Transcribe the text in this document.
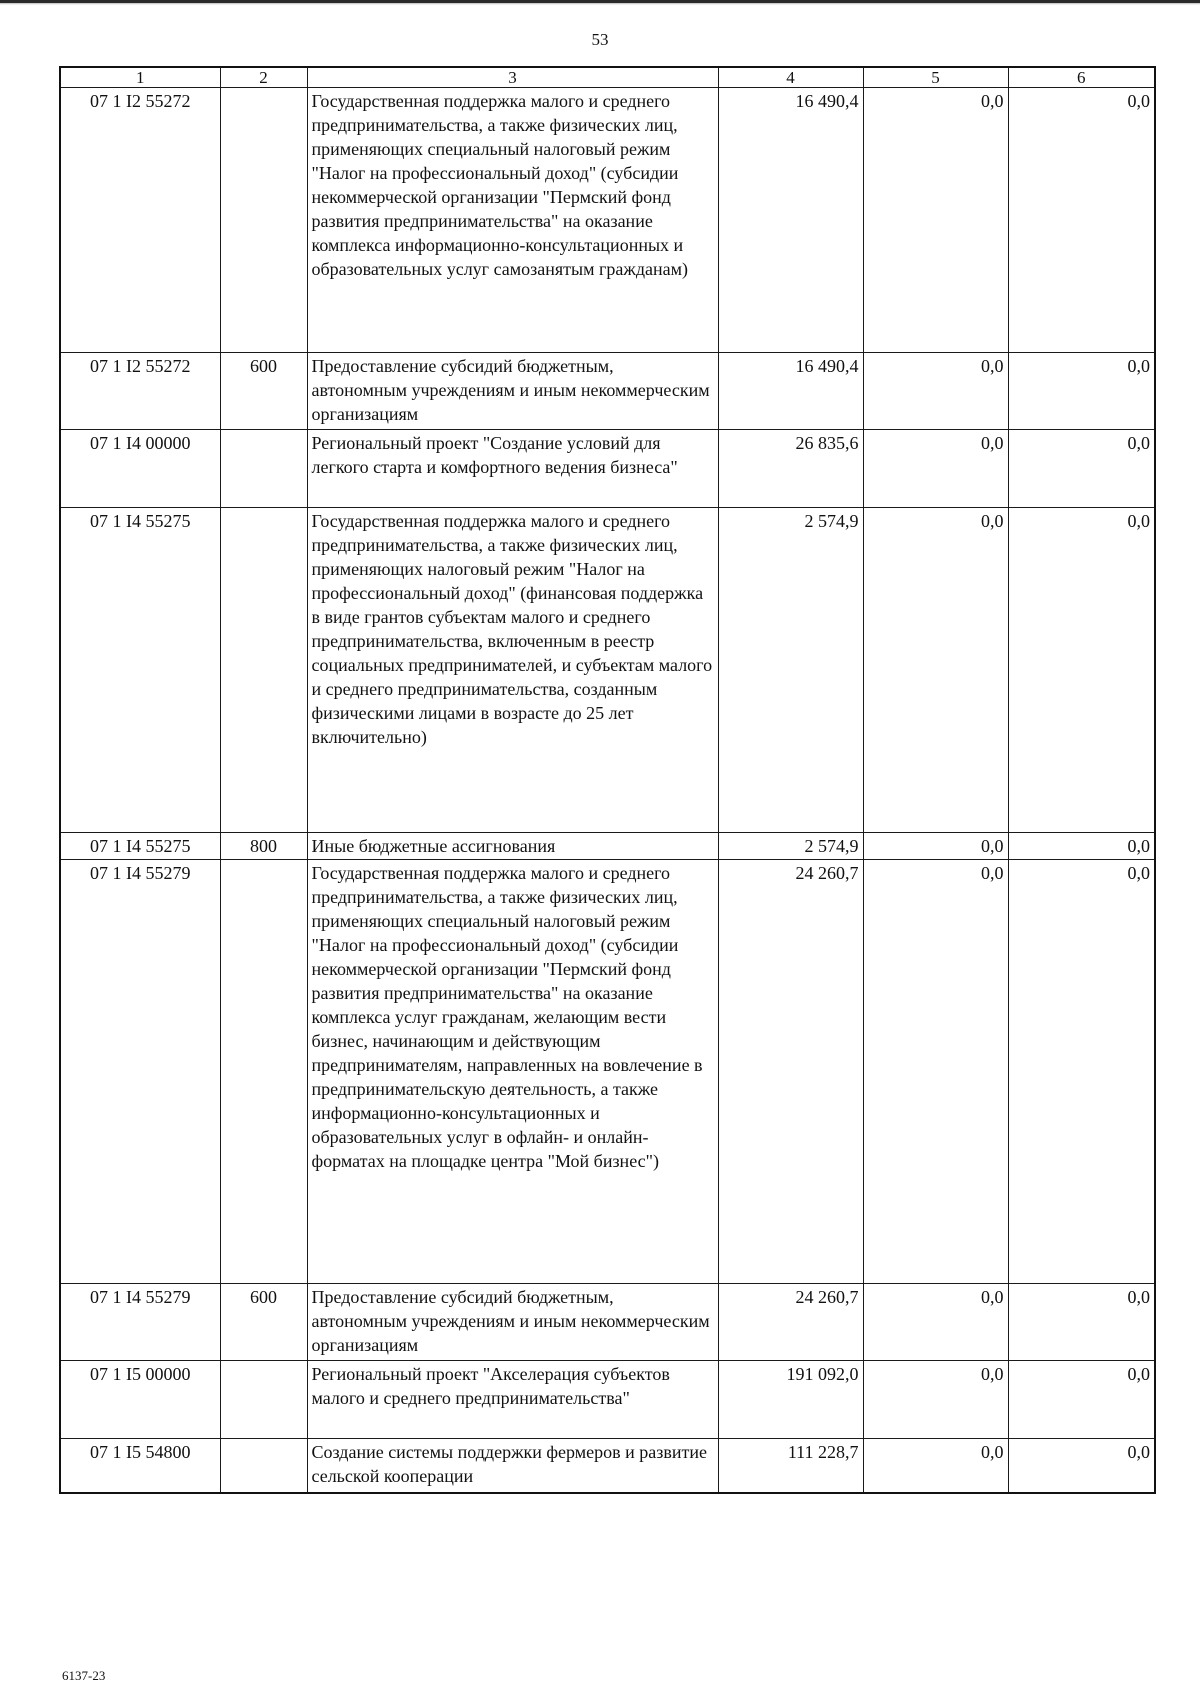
53
1	2	3	4	5	6
07 1 I2 55272		Государственная поддержка малого и среднего предпринимательства, а также физических лиц, применяющих специальный налоговый режим "Налог на профессиональный доход" (субсидии некоммерческой организации "Пермский фонд развития предпринимательства" на оказание комплекса информационно-консультационных и образовательных услуг самозанятым гражданам)	16 490,4	0,0	0,0
07 1 I2 55272	600	Предоставление субсидий бюджетным, автономным учреждениям и иным некоммерческим организациям	16 490,4	0,0	0,0
07 1 I4 00000		Региональный проект "Создание условий для легкого старта и комфортного ведения бизнеса"	26 835,6	0,0	0,0
07 1 I4 55275		Государственная поддержка малого и среднего предпринимательства, а также физических лиц, применяющих налоговый режим "Налог на профессиональный доход" (финансовая поддержка в виде грантов субъектам малого и среднего предпринимательства, включенным в реестр социальных предпринимателей, и субъектам малого и среднего предпринимательства, созданным физическими лицами в возрасте до 25 лет включительно)	2 574,9	0,0	0,0
07 1 I4 55275	800	Иные бюджетные ассигнования	2 574,9	0,0	0,0
07 1 I4 55279		Государственная поддержка малого и среднего предпринимательства, а также физических лиц, применяющих специальный налоговый режим "Налог на профессиональный доход" (субсидии некоммерческой организации "Пермский фонд развития предпринимательства" на оказание комплекса услуг гражданам, желающим вести бизнес, начинающим и действующим предпринимателям, направленных на вовлечение в предпринимательскую деятельность, а также информационно-консультационных и образовательных услуг в офлайн- и онлайн-форматах на площадке центра "Мой бизнес")	24 260,7	0,0	0,0
07 1 I4 55279	600	Предоставление субсидий бюджетным, автономным учреждениям и иным некоммерческим организациям	24 260,7	0,0	0,0
07 1 I5 00000		Региональный проект "Акселерация субъектов малого и среднего предпринимательства"	191 092,0	0,0	0,0
07 1 I5 54800		Создание системы поддержки фермеров и развитие сельской кооперации	111 228,7	0,0	0,0
6137-23
